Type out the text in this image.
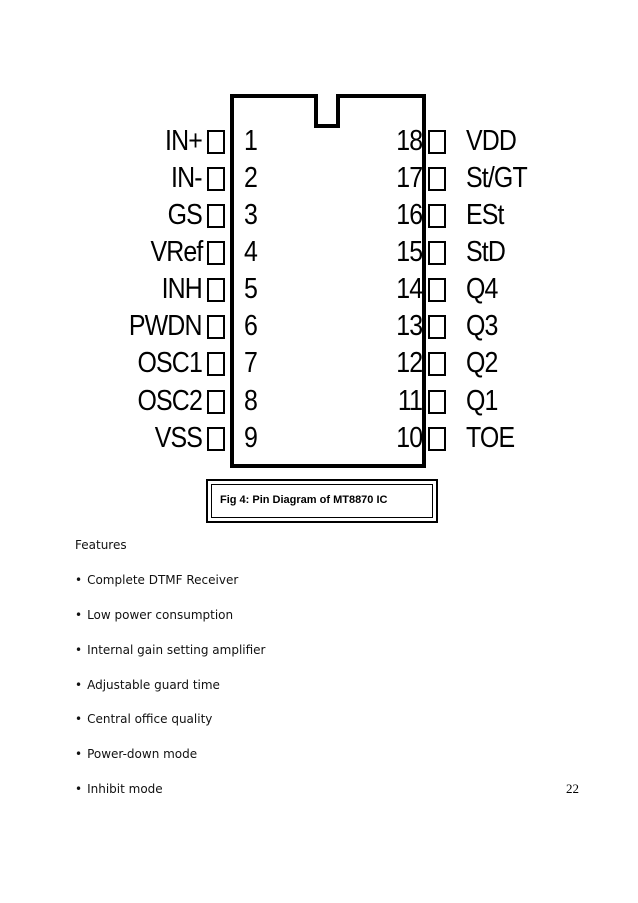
IN+ 1
IN- 2
GS 3
VRef 4
INH 5
PWDN 6
OSC1 7
OSC2 8
VSS 9
18 VDD
17 St/GT
16 ESt
15 StD
14 Q4
13 Q3
12 Q2
11 Q1
10 TOE
Fig 4: Pin Diagram of MT8870 IC
Features
• Complete DTMF Receiver
• Low power consumption
• Internal gain setting amplifier
• Adjustable guard time
• Central office quality
• Power-down mode
• Inhibit mode	22
